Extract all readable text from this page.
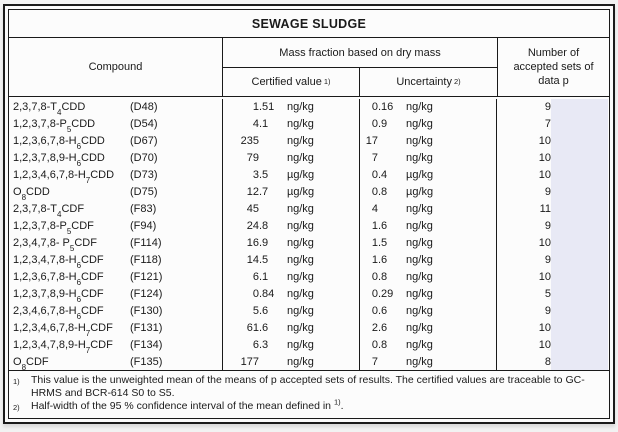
SEWAGE SLUDGE
Compound
Mass fraction based on dry mass
Certified value 1)	Uncertainty 2)
Number of accepted sets of data p
$2,3,7,8-T_4CDD$	(D48)	1 .51	ng/kg	0 .16	ng/kg	9
$1,2,3,7,8-P_5CDD$	(D54)	4 .1	ng/kg	0 .9	ng/kg	7
$1,2,3,6,7,8-H_6CDD$	(D67)	235	ng/kg	17	ng/kg	10
$1,2,3,7,8,9-H_6CDD$	(D70)	79	ng/kg	7	ng/kg	10
$1,2,3,4,6,7,8-H_7CDD$	(D73)	3 .5	µg/kg	0 .4	µg/kg	10
$O_8CDD$	(D75)	12 .7	µg/kg	0 .8	µg/kg	9
$2,3,7,8-T_4CDF$	(F83)	45	ng/kg	4	ng/kg	11
$1,2,3,7,8-P_5CDF$	(F94)	24 .8	ng/kg	1 .6	ng/kg	9
2,3,4,7,8- $P_5CDF$	(F114)	16 .9	ng/kg	1 .5	ng/kg	10
$1,2,3,4,7,8-H_6CDF$	(F118)	14 .5	ng/kg	1 .6	ng/kg	9
$1,2,3,6,7,8-H_6CDF$	(F121)	6 .1	ng/kg	0 .8	ng/kg	10
$1,2,3,7,8,9-H_6CDF$	(F124)	0 .84	ng/kg	0 .29	ng/kg	5
$2,3,4,6,7,8-H_6CDF$	(F130)	5 .6	ng/kg	0 .6	ng/kg	9
$1,2,3,4,6,7,8-H_7CDF$	(F131)	61 .6	ng/kg	2 .6	ng/kg	10
$1,2,3,4,7,8,9-H_7CDF$	(F134)	6 .3	ng/kg	0 .8	ng/kg	10
$O_8CDF$	(F135)	177	ng/kg	7	ng/kg	8
1)	This value is the unweighted mean of the means of p accepted sets of results. The certified values are traceable to GC-HRMS and BCR-614 S0 to S5.
2)	Half-width of the 95 % confidence interval of the mean defined in $^{1)}$.
